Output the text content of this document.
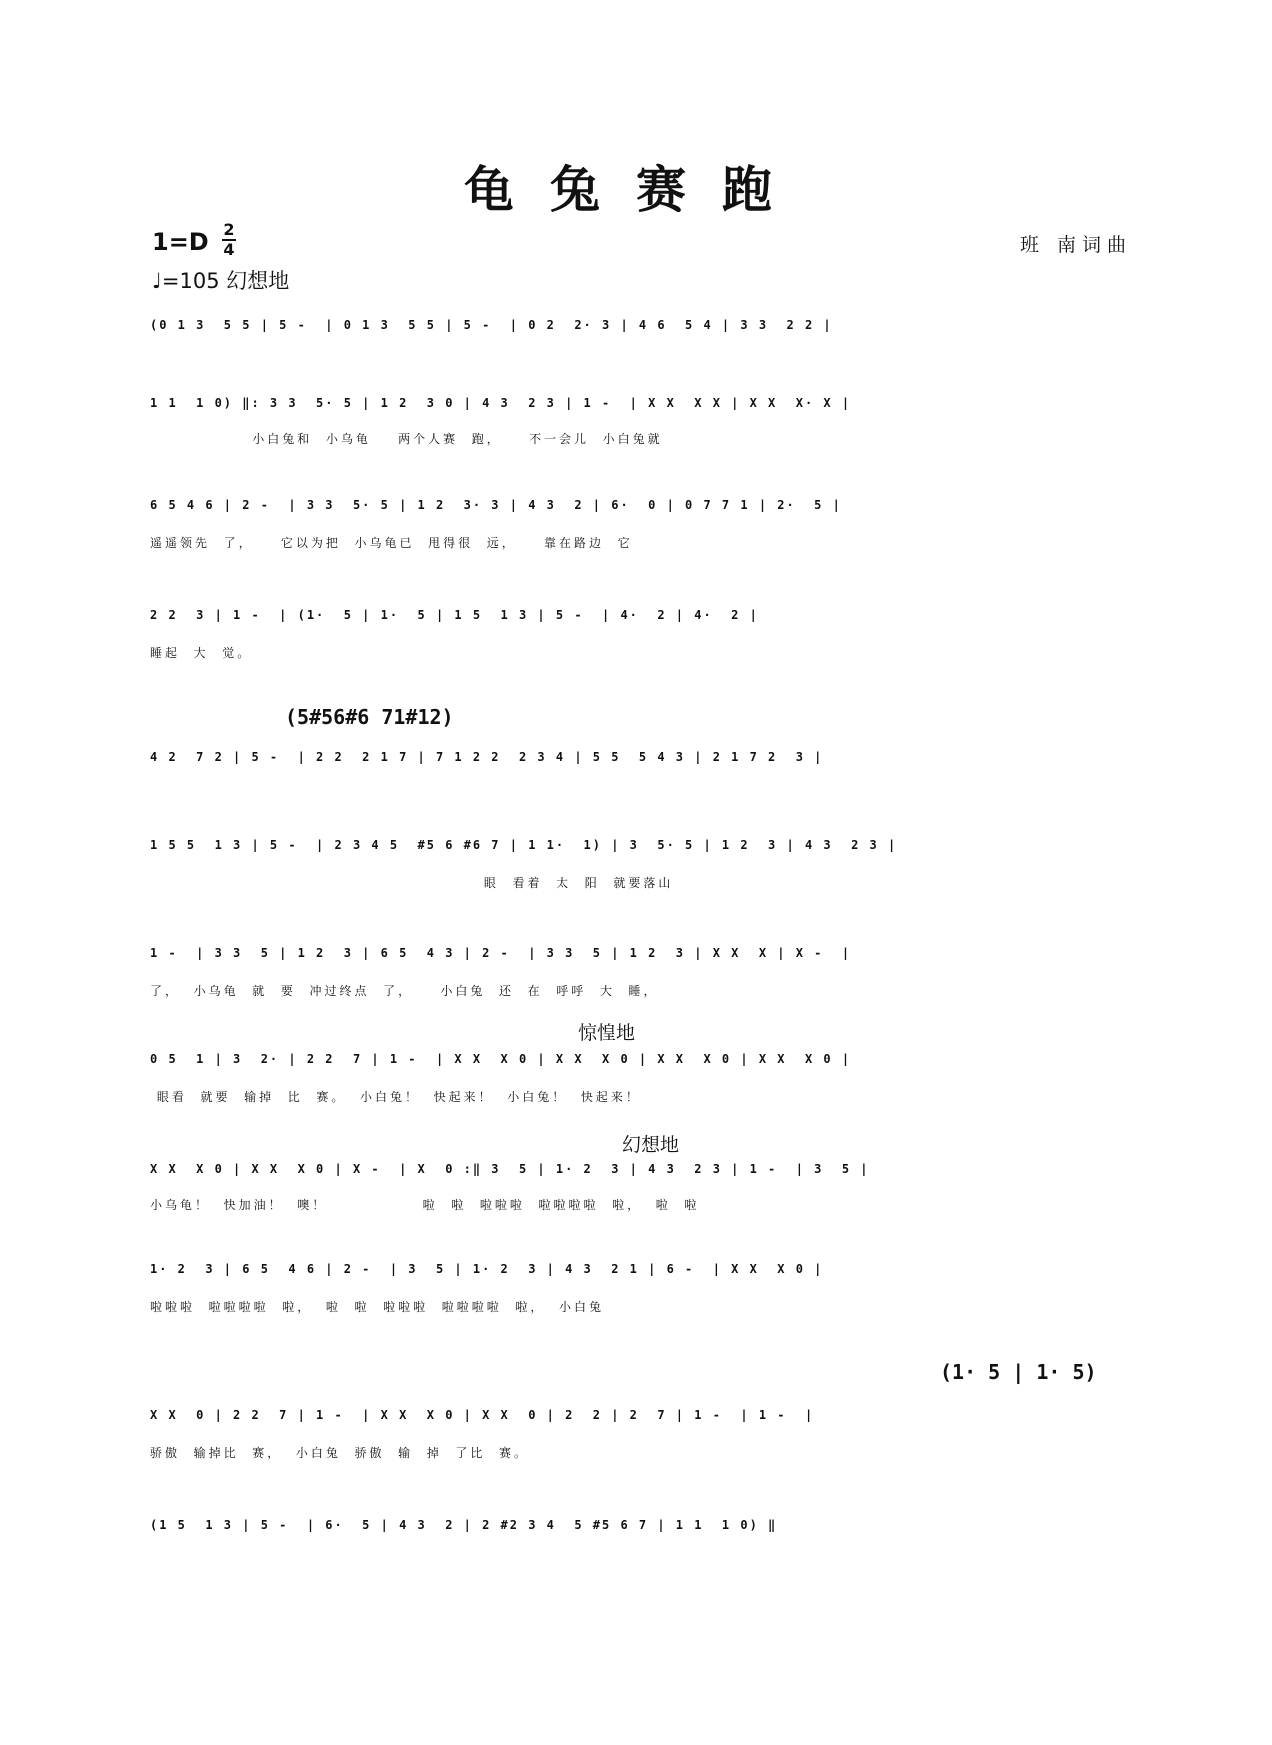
龟兔赛跑
1=D 2
4
♩=105 幻想地
班 南词曲
(0 1 3  5 5 | 5 -  | 0 1 3  5 5 | 5 -  | 0 2  2· 3 | 4 6  5 4 | 3 3  2 2 |
1 1  1 0) ‖: 3 3  5· 5 | 1 2  3 0 | 4 3  2 3 | 1 -  | X X  X X | X X  X· X |
小白兔和  小乌龟    两个人赛  跑，    不一会儿  小白兔就
6 5 4 6 | 2 -  | 3 3  5· 5 | 1 2  3· 3 | 4 3  2 | 6·  0 | 0 7 7 1 | 2·  5 |
遥遥领先  了，    它以为把  小乌龟已  甩得很  远，    靠在路边  它
2 2  3 | 1 -  | (1·  5 | 1·  5 | 1 5  1 3 | 5 -  | 4·  2 | 4·  2 |
睡起  大  觉。
(5#56#6 71#12)
4 2  7 2 | 5 -  | 2 2  2 1 7 | 7 1 2 2  2 3 4 | 5 5  5 4 3 | 2 1 7 2  3 |
1 5 5  1 3 | 5 -  | 2 3 4 5  #5 6 #6 7 | 1 1·  1) | 3  5· 5 | 1 2  3 | 4 3  2 3 |
眼  看着  太  阳  就要落山
1 -  | 3 3  5 | 1 2  3 | 6 5  4 3 | 2 -  | 3 3  5 | 1 2  3 | X X  X | X -  |
了，  小乌龟  就  要  冲过终点  了，    小白兔  还  在  呼呼  大  睡，
惊惶地
0 5  1 | 3  2· | 2 2  7 | 1 -  | X X  X 0 | X X  X 0 | X X  X 0 | X X  X 0 |
眼看  就要  输掉  比  赛。  小白兔！  快起来！  小白兔！  快起来！
幻想地
X X  X 0 | X X  X 0 | X -  | X  0 :‖ 3  5 | 1· 2  3 | 4 3  2 3 | 1 -  | 3  5 |
小乌龟！  快加油！  噢！              啦  啦  啦啦啦  啦啦啦啦  啦，  啦  啦
1· 2  3 | 6 5  4 6 | 2 -  | 3  5 | 1· 2  3 | 4 3  2 1 | 6 -  | X X  X 0 |
啦啦啦  啦啦啦啦  啦，  啦  啦  啦啦啦  啦啦啦啦  啦，  小白兔
(1· 5 | 1· 5)
X X  0 | 2 2  7 | 1 -  | X X  X 0 | X X  0 | 2  2 | 2  7 | 1 -  | 1 -  |
骄傲  输掉比  赛，  小白兔  骄傲  输  掉  了比  赛。
(1 5  1 3 | 5 -  | 6·  5 | 4 3  2 | 2 #2 3 4  5 #5 6 7 | 1 1  1 0) ‖
